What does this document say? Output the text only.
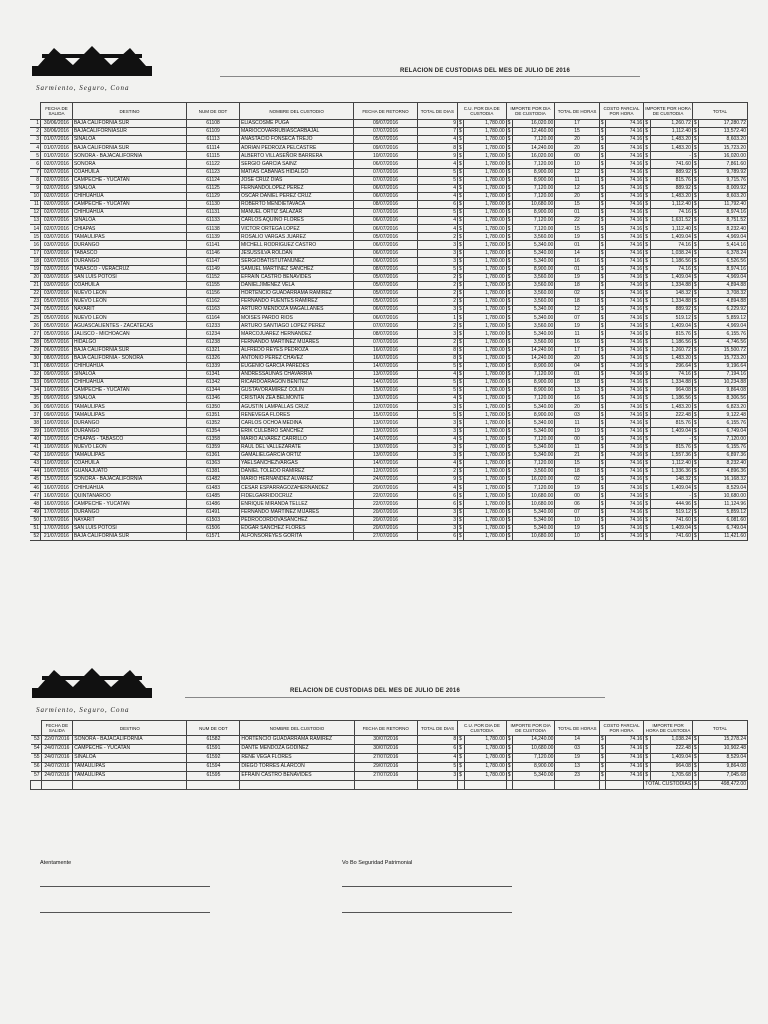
Sarmiento, Seguro, Cona
RELACION DE CUSTODIAS DEL MES DE JULIO DE 2016
	FECHA DE SALIDA	DESTINO	NUM DE ODT	NOMBRE DEL CUSTODIO	FECHA DE RETORNO	TOTAL DE DIAS	C.U. POR DIA DE CUSTODIA		IMPORTE POR DIA DE CUSTODIA		TOTAL DE HORAS	COSTO PARCIAL POR HORA		IMPORTE POR HORA DE CUSTODIA		TOTAL	
1	30/06/2016	BAJA CALIFORNIA SUR	61108	ELIASCOSME PUGA	09/07/2016	9	$	1,780.00	$	16,020.00	17	$	74.16	$	1,260.72	$	17,280.72
2	30/06/2016	BAJACALIFORNIASUR	61109	MARIOCOVARRUBIASCARBAJAL	07/07/2016	7	$	1,780.00	$	12,460.00	15	$	74.16	$	1,112.40	$	13,572.40
3	01/07/2016	SINALOA	61113	ANASTACIO FONSECA TREJO	05/07/2016	4	$	1,780.00	$	7,120.00	20	$	74.16	$	1,483.20	$	8,603.20
4	01/07/2016	BAJA CALIFORNIA SUR	61114	ADRIAN PEDROZA PELCASTRE	09/07/2016	8	$	1,780.00	$	14,240.00	20	$	74.16	$	1,483.20	$	15,723.20
5	01/07/2016	SONORA - BAJACALIFORNIA	61115	ALBERTO VILLASEÑOR BARRERA	10/07/2016	9	$	1,780.00	$	16,020.00	00	$	74.16	$	-	$	16,020.00
6	02/07/2016	SONORA	61122	SERGIO GARCIA SAINZ	06/07/2016	4	$	1,780.00	$	7,120.00	10	$	74.16	$	741.60	$	7,861.60
7	02/07/2016	COAHUILA	61123	MATIAS CABAÑAS HIDALGO	07/07/2016	5	$	1,780.00	$	8,900.00	12	$	74.16	$	889.92	$	9,789.92
8	02/07/2016	CAMPECHE - YUCATAN	61124	JOSE CRUZ DIAS	07/07/2016	5	$	1,780.00	$	8,900.00	11	$	74.16	$	815.76	$	9,715.76
9	02/07/2016	SINALOA	61125	FERNANDOLOPEZ PEREZ	06/07/2016	4	$	1,780.00	$	7,120.00	12	$	74.16	$	889.92	$	8,009.92
10	02/07/2016	CHIHUAHUA	61129	OSCAR DANIEL PEREZ CRUZ	06/07/2016	4	$	1,780.00	$	7,120.00	20	$	74.16	$	1,483.20	$	8,603.20
11	02/07/2016	CAMPECHE - YUCATAN	61130	ROBERTO MENDIETAVACA	08/07/2016	6	$	1,780.00	$	10,680.00	15	$	74.16	$	1,112.40	$	11,792.40
12	02/07/2016	CHIHUAHUA	61131	MANUEL ORTIZ SALAZAR	07/07/2016	5	$	1,780.00	$	8,900.00	01	$	74.16	$	74.16	$	8,974.16
13	02/07/2016	SINALOA	61133	CARLOS AQUINO FLORES	06/07/2016	4	$	1,780.00	$	7,120.00	22	$	74.16	$	1,631.52	$	8,751.52
14	02/07/2016	CHIAPAS	61138	VICTOR ORTEGA LOPEZ	06/07/2016	4	$	1,780.00	$	7,120.00	15	$	74.16	$	1,112.40	$	8,232.40
15	03/07/2016	TAMAULIPAS	61139	ROSALIO VARGAS JUAREZ	05/07/2016	2	$	1,780.00	$	3,560.00	19	$	74.16	$	1,409.04	$	4,969.04
16	03/07/2016	DURANGO	61141	MICHELL RODRIGUEZ CASTRO	06/07/2016	3	$	1,780.00	$	5,340.00	01	$	74.16	$	74.16	$	5,414.16
17	03/07/2016	TABASCO	61146	JESUSSILVA ROLDAN	06/07/2016	3	$	1,780.00	$	5,340.00	14	$	74.16	$	1,038.24	$	6,378.24
18	03/07/2016	DURANGO	61147	SERGIOBATISTUTANUÑEZ	06/07/2016	3	$	1,780.00	$	5,340.00	16	$	74.16	$	1,186.56	$	6,526.56
19	03/07/2016	TABASCO - VERACRUZ	61149	SAMUEL MARTINEZ SANCHEZ	08/07/2016	5	$	1,780.00	$	8,900.00	01	$	74.16	$	74.16	$	8,974.16
20	03/07/2016	SAN LUIS POTOSI	61152	EFRAIN CASTRO BENAVIDES	05/07/2016	2	$	1,780.00	$	3,560.00	19	$	74.16	$	1,409.04	$	4,969.04
21	03/07/2016	COAHUILA	61155	DANIELJIMENEZ VELA	05/07/2016	2	$	1,780.00	$	3,560.00	18	$	74.16	$	1,334.88	$	4,894.88
22	03/07/2016	NUEVO LEON	61156	HORTENCIO GUADARRAMA RAMIREZ	05/07/2016	2	$	1,780.00	$	3,560.00	02	$	74.16	$	148.32	$	3,708.32
23	05/07/2016	NUEVO LEON	61162	FERNANDO FUENTES RAMIREZ	05/07/2016	2	$	1,780.00	$	3,560.00	18	$	74.16	$	1,334.88	$	4,894.88
24	05/07/2016	NAYARIT	61163	ARTURO MENDOZA MAGALLANES	06/07/2016	3	$	1,780.00	$	5,340.00	12	$	74.16	$	889.92	$	6,229.92
25	05/07/2016	NUEVO LEON	61164	MOISES PARDO RIOS	06/07/2016	1	$	1,780.00	$	5,340.00	07	$	74.16	$	519.12	$	5,859.12
26	05/07/2016	AGUASCALIENTES - ZACATECAS	61233	ARTURO SANTIAGO LOPEZ PEREZ	07/07/2016	2	$	1,780.00	$	3,560.00	19	$	74.16	$	1,409.04	$	4,969.04
27	05/07/2016	JALISCO - MICHOACAN	61234	MARCOJUAREZ HERNANDEZ	08/07/2016	3	$	1,780.00	$	5,340.00	11	$	74.16	$	815.76	$	6,155.76
28	05/07/2016	HIDALGO	61238	FERNANDO MARTINEZ MIJARES	07/07/2016	2	$	1,780.00	$	3,560.00	16	$	74.16	$	1,186.56	$	4,746.56
29	06/07/2016	BAJA CALIFORNIA SUR	61321	ALFREDO REYES PEDROZA	16/07/2016	8	$	1,780.00	$	14,240.00	17	$	74.16	$	1,260.72	$	15,500.72
30	08/07/2016	BAJA CALIFORNIA - SONORA	61326	ANTONIO PEREZ CHAVEZ	16/07/2016	8	$	1,780.00	$	14,240.00	20	$	74.16	$	1,483.20	$	15,723.20
31	08/07/2016	CHIHUAHUA	61339	EUGENIO GARCIA PAREDES	14/07/2016	5	$	1,780.00	$	8,900.00	04	$	74.16	$	296.64	$	9,196.64
32	09/07/2016	SINALOA	61341	ANDRESSAUNAS CHAVARRIA	13/07/2016	4	$	1,780.00	$	7,120.00	01	$	74.16	$	74.16	$	7,194.16
33	09/07/2016	CHIHUAHUA	61342	RICARDOARAGON BENITEZ	14/07/2016	5	$	1,780.00	$	8,900.00	18	$	74.16	$	1,334.88	$	10,234.88
34	10/07/2016	CAMPECHE - YUCATAN	61344	GUSTAVORAMIREZ COLIN	15/07/2016	5	$	1,780.00	$	8,900.00	13	$	74.16	$	964.08	$	9,864.08
35	09/07/2016	SINALOA	61346	CRISTIAN ZEA BELMONTE	13/07/2016	4	$	1,780.00	$	7,120.00	16	$	74.16	$	1,186.56	$	8,306.56
36	09/07/2016	TAMAULIPAS	61350	AGUSTIN LAMPALLAS CRUZ	12/07/2016	3	$	1,780.00	$	5,340.00	20	$	74.16	$	1,483.20	$	6,823.20
37	09/07/2016	TAMAULIPAS	61351	RENEVEGA FLORES	15/07/2016	5	$	1,780.00	$	8,900.00	03	$	74.16	$	222.48	$	9,122.48
38	10/07/2016	DURANGO	61352	CARLOS OCHOA MEDINA	13/07/2016	3	$	1,780.00	$	5,340.00	11	$	74.16	$	815.76	$	6,155.76
39	10/07/2016	DURANGO	61354	ERIK CULEBRO SANCHEZ	13/07/2016	3	$	1,780.00	$	5,340.00	19	$	74.16	$	1,409.04	$	6,749.04
40	10/07/2016	CHIAPAS - TABASCO	61358	MARIO ALVAREZ CARRILLO	14/07/2016	4	$	1,780.00	$	7,120.00	00	$	74.16	$	-	$	7,120.00
41	10/07/2016	NUEVO LEON	61359	RAUL DEL VALLEZARATE	13/07/2016	3	$	1,780.00	$	5,340.00	11	$	74.16	$	815.76	$	6,155.76
42	10/07/2016	TAMAULIPAS	61361	GAMALIELGARCIA ORTIZ	13/07/2016	3	$	1,780.00	$	5,340.00	21	$	74.16	$	1,557.36	$	6,897.36
43	10/07/2016	COAHUILA	61363	YAELSANCHEZVARGAS	14/07/2016	4	$	1,780.00	$	7,120.00	15	$	74.16	$	1,112.40	$	8,232.40
44	10/07/2016	GUANAJUATO	61381	DANIEL TOLEDO RAMIREZ	12/07/2016	2	$	1,780.00	$	3,560.00	18	$	74.16	$	1,336.36	$	4,896.36
45	15/07/2016	SONORA - BAJACALIFORNIA	61482	MARIO HERNANDEZ ALVAREZ	24/07/2016	9	$	1,780.00	$	16,020.00	02	$	74.16	$	148.32	$	16,168.32
46	16/07/2016	CHIHUAHUA	61483	CESAR ESPARRAGOZAHERNANDEZ	20/07/2016	4	$	1,780.00	$	7,120.00	19	$	74.16	$	1,409.04	$	8,529.04
47	16/07/2016	QUINTANAROO	61485	FIDELGARRIDOCRUZ	22/07/2016	6	$	1,780.00	$	10,680.00	00	$	74.16	$	-	$	10,680.00
48	16/07/2016	CAMPECHE - YUCATAN	61486	ENRIQUE MIRANDA TELLEZ	22/07/2016	6	$	1,780.00	$	10,680.00	06	$	74.16	$	444.96	$	11,124.96
49	17/07/2016	DURANGO	61491	FERNANDO MARTINEZ MIJARES	20/07/2016	3	$	1,780.00	$	5,340.00	07	$	74.16	$	519.12	$	5,859.12
50	17/07/2016	NAYARIT	61503	PEDROCORDOVASANCHEZ	20/07/2016	3	$	1,780.00	$	5,340.00	10	$	74.16	$	741.60	$	6,081.60
51	17/07/2016	SAN LUIS POTOSI	61506	EDGAR SANCHEZ FLORES	20/07/2016	3	$	1,780.00	$	5,340.00	19	$	74.16	$	1,409.04	$	6,749.04
52	21/07/2016	BAJA CALIFORNIA SUR	61571	ALFONSOREYES GORITA	27/07/2016	6	$	1,780.00	$	10,680.00	10	$	74.16	$	741.60	$	11,421.60
Sarmiento, Seguro, Cona
RELACION DE CUSTODIAS DEL MES DE JULIO DE 2016
	FECHA DE SALIDA	DESTINO	NUM DE ODT	NOMBRE DEL CUSTODIO	FECHA DE RETORNO	TOTAL DE DIAS	C.U. POR DIA DE CUSTODIA		IMPORTE POR DIA DE CUSTODIA		TOTAL DE HORAS	COSTO PARCIAL POR HORA		IMPORTE POR HORA DE CUSTODIA		TOTAL	
53	22/07/2016	SONORA - BAJACALIFORNIA	61582	HORTENCIO GUADARRAMA RAMIREZ	30/07/2016	8	$	1,780.00	$	14,240.00	14	$	74.16	$	1,038.24	$	15,278.24
54	24/07/2016	CAMPECHE - YUCATAN	61591	DANTE MENDOZA GODINEZ	30/07/2016	6	$	1,780.00	$	10,680.00	03	$	74.16	$	222.48	$	10,902.48
55	24/07/2016	SINALOA	61592	RENE VEGA FLORES	27/07/2016	4	$	1,780.00	$	7,120.00	19	$	74.16	$	1,409.04	$	8,529.04
56	24/07/2016	TAMAULIPAS	61594	DIEGO TORRES ALARCON	29/07/2016	5	$	1,780.00	$	8,900.00	13	$	74.16	$	964.08	$	9,864.08
57	24/07/2016	TAMAULIPAS	61595	EFRAIN CASTRO BENAVIDES	27/07/2016	3	$	1,780.00	$	5,340.00	23	$	74.16	$	1,705.68	$	7,045.68
														TOTAL CUSTODIAS		$	498,472.00
Atentamente	Vo Bo Seguridad Patrimonial
